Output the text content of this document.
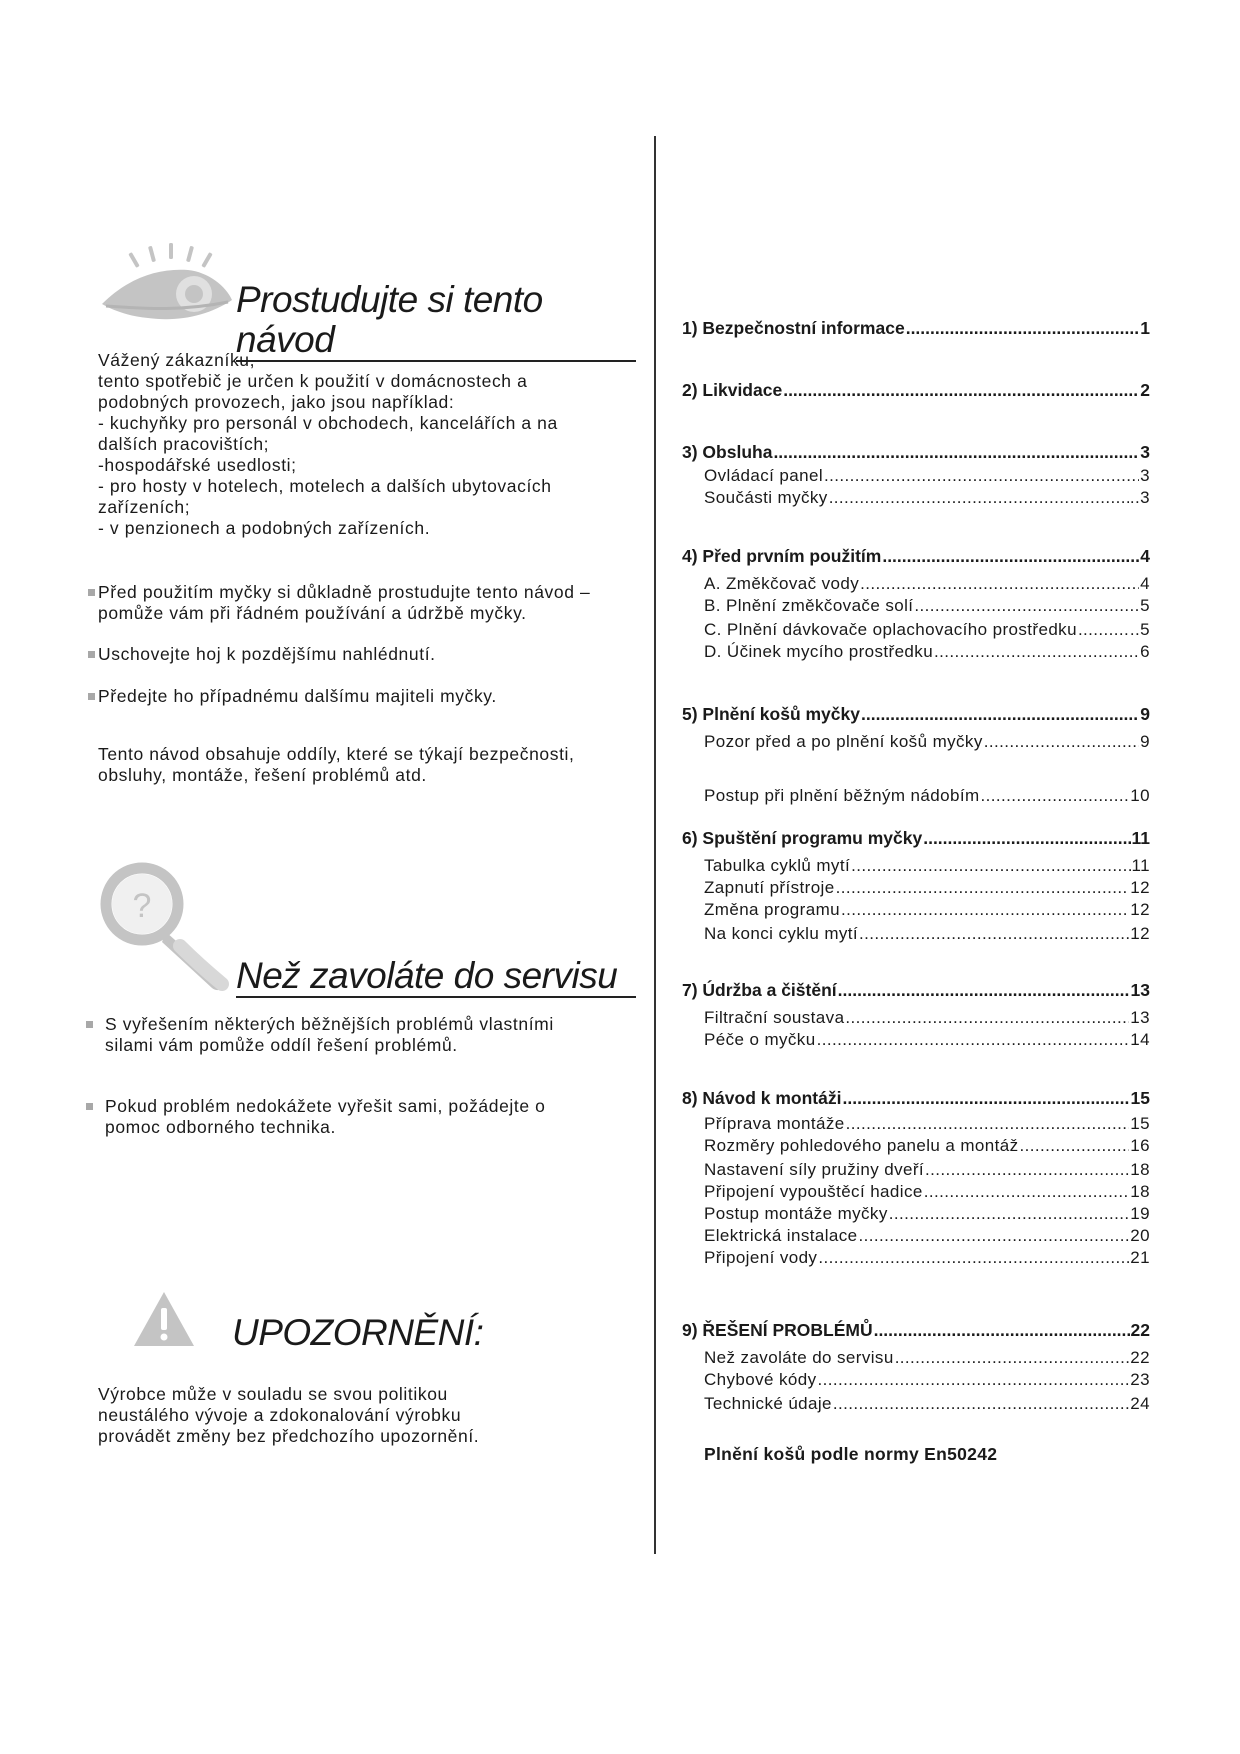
Prostudujte si tento návod
Vážený zákazníku,
tento spotřebič je určen k použití v domácnostech a
podobných provozech, jako jsou například:
- kuchyňky pro personál v obchodech, kancelářích a na
dalších pracovištích;
-hospodářské usedlosti;
- pro hosty v hotelech, motelech a dalších ubytovacích
zařízeních;
- v penzionech a podobných zařízeních.
Před použitím myčky si důkladně prostudujte tento návod –
pomůže vám při řádném používání a údržbě myčky.
Uschovejte hoj k pozdějšímu nahlédnutí.
Předejte ho případnému dalšímu majiteli myčky.
Tento návod obsahuje oddíly, které se týkají bezpečnosti,
obsluhy, montáže, řešení problémů atd.
?
Než zavoláte do servisu
S vyřešením některých běžnějších problémů vlastními
silami vám pomůže oddíl řešení problémů.
Pokud problém nedokážete vyřešit sami, požádejte o
pomoc odborného technika.
UPOZORNĚNÍ:
Výrobce může v souladu se svou politikou
neustálého vývoje a zdokonalování výrobku
provádět změny bez předchozího upozornění.
1) Bezpečnostní informace .....	1
2) Likvidace .....	2
3) Obsluha .....	3
Ovládací panel .....	3
Součásti myčky .....	..3
4) Před prvním použitím .....	4
A. Změkčovač vody .....	4
B. Plnění změkčovače solí .....	5
C. Plnění dávkovače oplachovacího prostředku .....	..5
D. Účinek mycího prostředku .....	6
5) Plnění košů myčky .....	9
Pozor před a po plnění košů myčky .....	9
Postup při plnění běžným nádobím .....	10
6) Spuštění programu myčky .....	11
Tabulka cyklů mytí .....	11
Zapnutí přístroje .....	12
Změna programu .....	12
Na konci cyklu mytí .....	12
7) Údržba a čištění .....	13
Filtrační soustava .....	13
Péče o myčku .....	14
8) Návod k montáži .....	15
Příprava montáže .....	15
Rozměry pohledového panelu a montáž .....	16
Nastavení síly pružiny dveří .....	18
Připojení vypouštěcí hadice .....	18
Postup montáže myčky .....	19
Elektrická instalace .....	20
Připojení vody .....	21
9) ŘEŠENÍ PROBLÉMŮ .....	22
Než zavoláte do servisu .....	22
Chybové kódy .....	23
Technické údaje .....	24
Plnění košů podle normy En50242
